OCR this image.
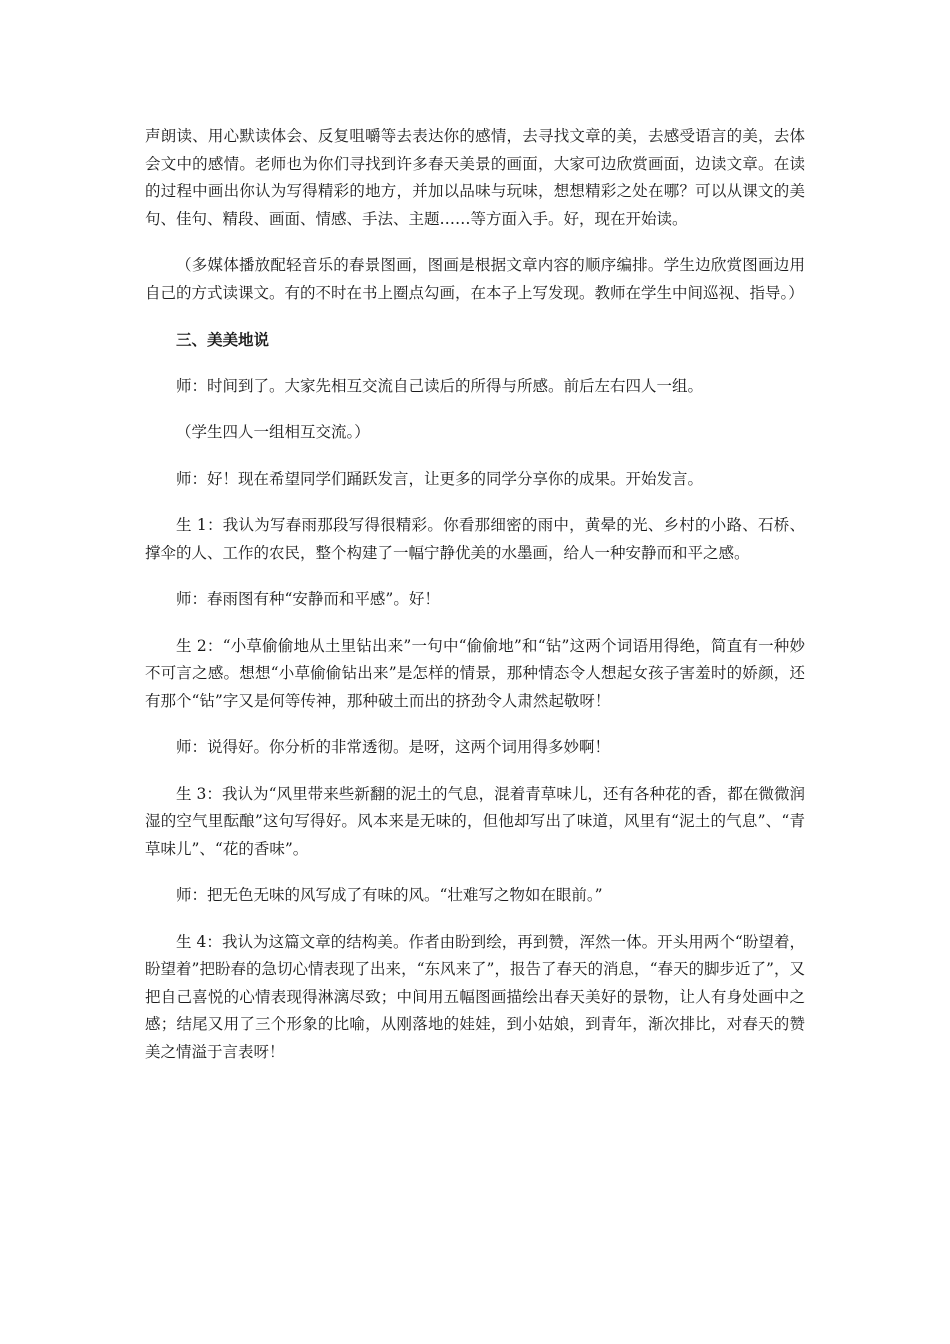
声朗读、用心默读体会、反复咀嚼等去表达你的感情，去寻找文章的美，去感受语言的美，去体会文中的感情。老师也为你们寻找到许多春天美景的画面，大家可边欣赏画面，边读文章。在读的过程中画出你认为写得精彩的地方，并加以品味与玩味，想想精彩之处在哪？可以从课文的美句、佳句、精段、画面、情感、手法、主题……等方面入手。好，现在开始读。

（多媒体播放配轻音乐的春景图画，图画是根据文章内容的顺序编排。学生边欣赏图画边用自己的方式读课文。有的不时在书上圈点勾画，在本子上写发现。教师在学生中间巡视、指导。）

三、美美地说

师：时间到了。大家先相互交流自己读后的所得与所感。前后左右四人一组。

（学生四人一组相互交流。）

师：好！现在希望同学们踊跃发言，让更多的同学分享你的成果。开始发言。

生 1：我认为写春雨那段写得很精彩。你看那细密的雨中，黄晕的光、乡村的小路、石桥、撑伞的人、工作的农民，整个构建了一幅宁静优美的水墨画，给人一种安静而和平之感。

师：春雨图有种“安静而和平感”。好！

生 2：“小草偷偷地从土里钻出来”一句中“偷偷地”和“钻”这两个词语用得绝，简直有一种妙不可言之感。想想“小草偷偷钻出来”是怎样的情景，那种情态令人想起女孩子害羞时的娇颜，还有那个“钻”字又是何等传神，那种破土而出的挤劲令人肃然起敬呀！

师：说得好。你分析的非常透彻。是呀，这两个词用得多妙啊！

生 3：我认为“风里带来些新翻的泥土的气息，混着青草味儿，还有各种花的香，都在微微润湿的空气里酝酿”这句写得好。风本来是无味的，但他却写出了味道，风里有“泥土的气息”、“青草味儿”、“花的香味”。

师：把无色无味的风写成了有味的风。“壮难写之物如在眼前。”

生 4：我认为这篇文章的结构美。作者由盼到绘，再到赞，浑然一体。开头用两个“盼望着，盼望着”把盼春的急切心情表现了出来，“东风来了”，报告了春天的消息，“春天的脚步近了”，又把自己喜悦的心情表现得淋漓尽致；中间用五幅图画描绘出春天美好的景物，让人有身处画中之感；结尾又用了三个形象的比喻，从刚落地的娃娃，到小姑娘，到青年，渐次排比，对春天的赞美之情溢于言表呀！
